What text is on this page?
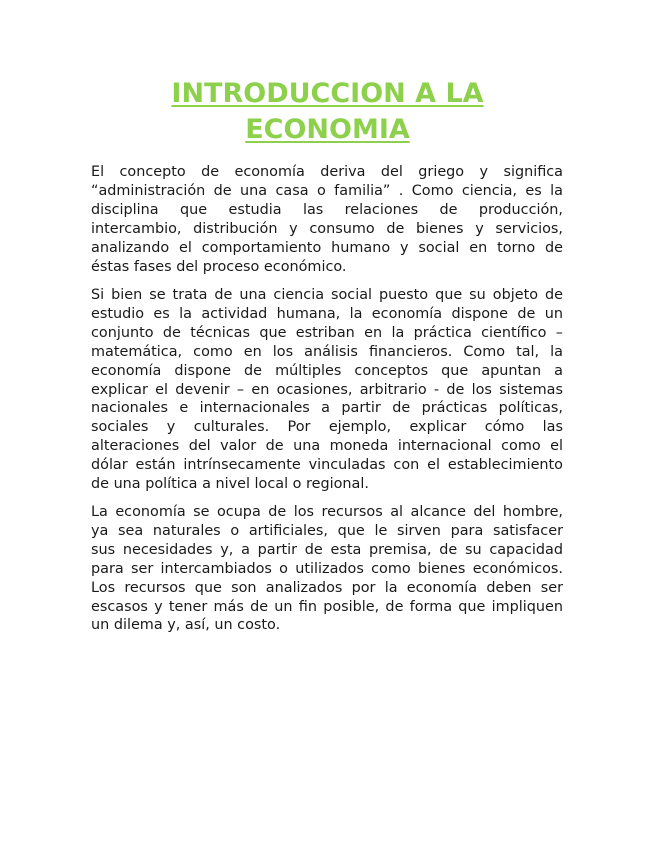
INTRODUCCION A LA
ECONOMIA
El concepto de economía deriva del griego y significa
“administración de una casa o familia” . Como ciencia, es la
disciplina que estudia las relaciones de producción,
intercambio, distribución y consumo de bienes y servicios,
analizando el comportamiento humano y social en torno de
éstas fases del proceso económico.
Si bien se trata de una ciencia social puesto que su objeto de
estudio es la actividad humana, la economía dispone de un
conjunto de técnicas que estriban en la práctica científico –
matemática, como en los análisis financieros. Como tal, la
economía dispone de múltiples conceptos que apuntan a
explicar el devenir – en ocasiones, arbitrario - de los sistemas
nacionales e internacionales a partir de prácticas políticas,
sociales y culturales. Por ejemplo, explicar cómo las
alteraciones del valor de una moneda internacional como el
dólar están intrínsecamente vinculadas con el establecimiento
de una política a nivel local o regional.
La economía se ocupa de los recursos al alcance del hombre,
ya sea naturales o artificiales, que le sirven para satisfacer
sus necesidades y, a partir de esta premisa, de su capacidad
para ser intercambiados o utilizados como bienes económicos.
Los recursos que son analizados por la economía deben ser
escasos y tener más de un fin posible, de forma que impliquen
un dilema y, así, un costo.
